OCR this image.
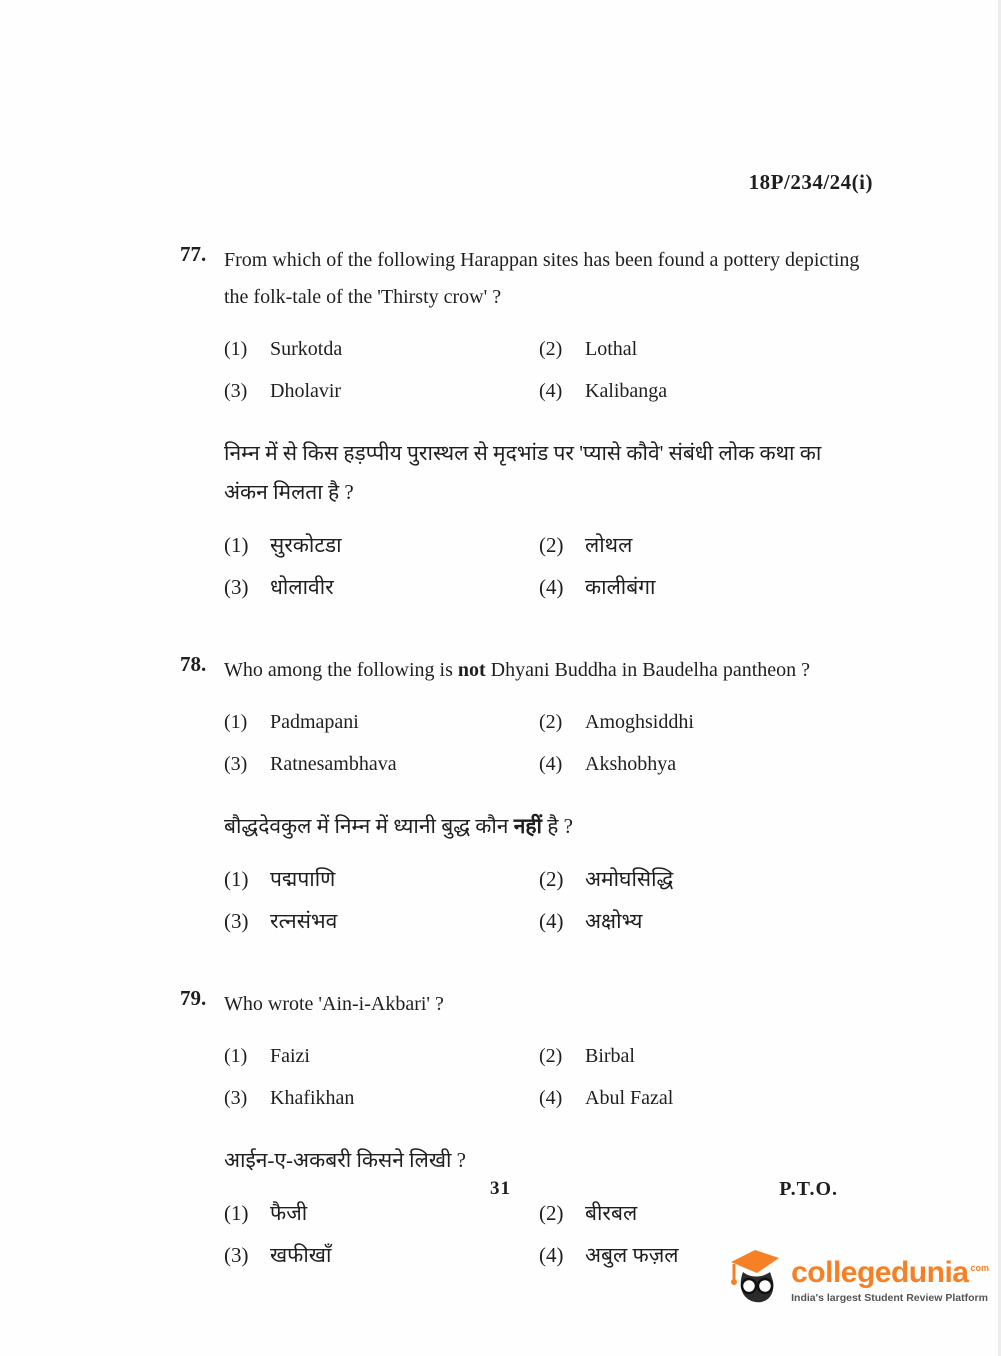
18P/234/24(i)
77. From which of the following Harappan sites has been found a pottery depicting the folk-tale of the 'Thirsty crow' ?

(1)	Surkotda	(2)	Lothal
(3)	Dholavir	(4)	Kalibanga

निम्न में से किस हड़प्पीय पुरास्थल से मृदभांड पर 'प्यासे कौवे' संबंधी लोक कथा का अंकन मिलता है ?

(1)	सुरकोटडा	(2)	लोथल
(3)	धोलावीर	(4)	कालीबंगा
78. Who among the following is not Dhyani Buddha in Baudelha pantheon ?

(1)	Padmapani	(2)	Amoghsiddhi
(3)	Ratnesambhava	(4)	Akshobhya

बौद्धदेवकुल में निम्न में ध्यानी बुद्ध कौन नहीं है ?

(1)	पद्मपाणि	(2)	अमोघसिद्धि
(3)	रत्नसंभव	(4)	अक्षोभ्य
79. Who wrote 'Ain-i-Akbari' ?

(1)	Faizi	(2)	Birbal
(3)	Khafikhan	(4)	Abul Fazal

आईन-ए-अकबरी किसने लिखी ?

(1)	फैजी	(2)	बीरबल
(3)	खफीखाँ	(4)	अबुल फज़ल
31	P.T.O.
collegedunia $^{com}$
India's largest Student Review Platform
